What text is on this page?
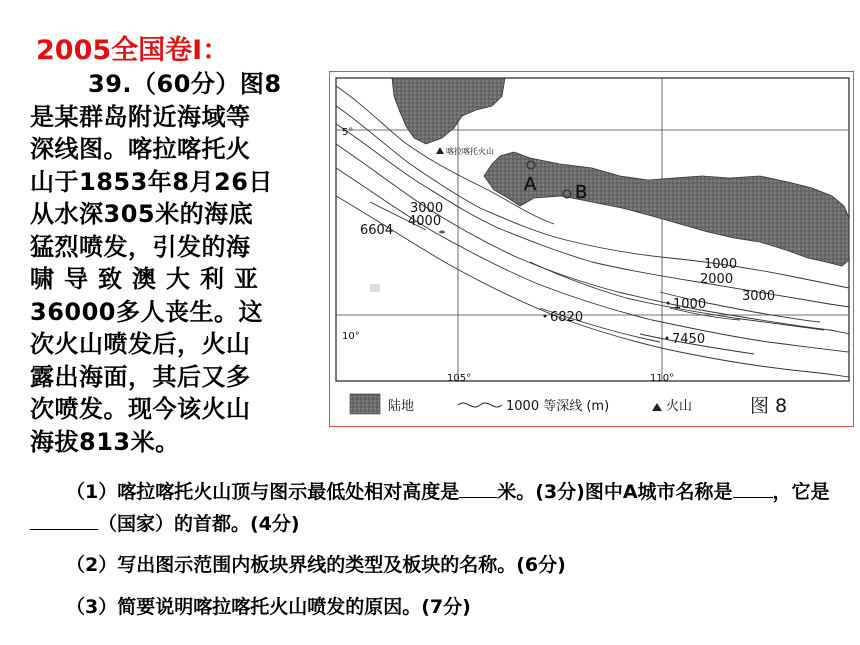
2005全国卷Ⅰ：
39.（60分）图8
是某群岛附近海域等
深线图。喀拉喀托火
山于1853年8月26日
从水深305米的海底
猛烈喷发，引发的海
啸导致澳大利亚
36000多人丧生。这
次火山喷发后，火山
露出海面，其后又多
次喷发。现今该火山
海拔813米。
喀拉喀托火山
A B
3000
4000
6604
1000
2000
3000
1000
6820
7450
5°
10°
105°	110°
陆地	1000 等深线 (m)	火山	图 8
（1）喀拉喀托火山顶与图示最低处相对高度是 米。(3分)图中A城市名称是 ，它是（国家）的首都。(4分)
（2）写出图示范围内板块界线的类型及板块的名称。(6分)
（3）简要说明喀拉喀托火山喷发的原因。(7分)
